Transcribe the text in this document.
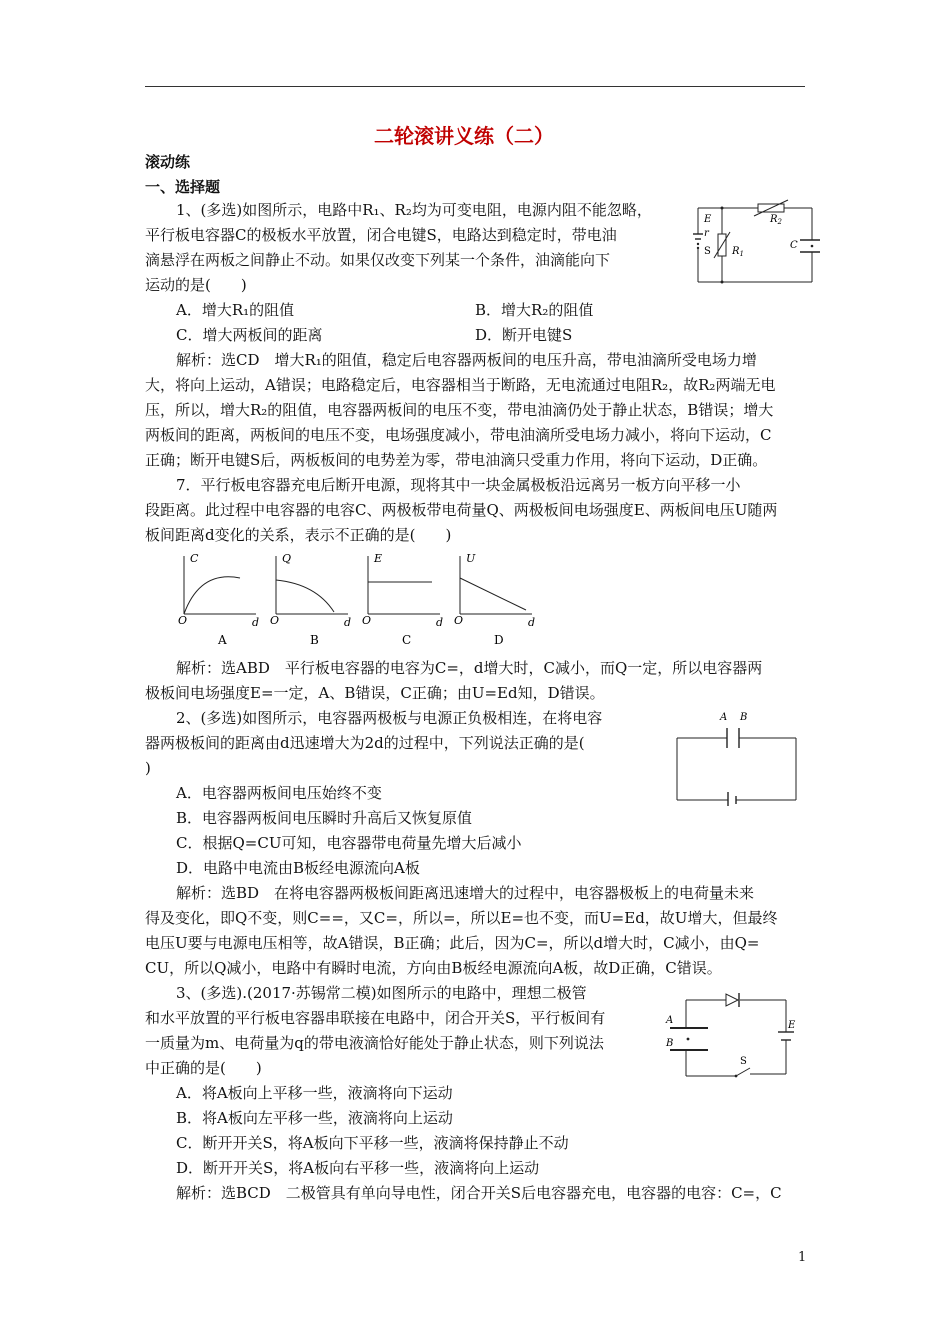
二轮滚讲义练（二）
滚动练
一、选择题
1、(多选)如图所示，电路中R₁、R₂均为可变电阻，电源内阻不能忽略，
平行板电容器C的极板水平放置，闭合电键S，电路达到稳定时，带电油
滴悬浮在两板之间静止不动。如果仅改变下列某一个条件，油滴能向下
运动的是(　　)
E
r
S $R_1$
$R_2$
C
A．增大R₁的阻值	B．增大R₂的阻值
C．增大两板间的距离	D．断开电键S
解析：选CD　增大R₁的阻值，稳定后电容器两板间的电压升高，带电油滴所受电场力增
大，将向上运动，A错误；电路稳定后，电容器相当于断路，无电流通过电阻R₂，故R₂两端无电
压，所以，增大R₂的阻值，电容器两板间的电压不变，带电油滴仍处于静止状态，B错误；增大
两板间的距离，两板间的电压不变，电场强度减小，带电油滴所受电场力减小，将向下运动，C
正确；断开电键S后，两板板间的电势差为零，带电油滴只受重力作用，将向下运动，D正确。
7．平行板电容器充电后断开电源，现将其中一块金属极板沿远离另一板方向平移一小
段距离。此过程中电容器的电容C、两极板带电荷量Q、两极板间电场强度E、两板间电压U随两
板间距离d变化的关系，表示不正确的是(　　)
C
O	d
A
Q
O	d
B
E
O	d
C
U
O	d
D
解析：选ABD　平行板电容器的电容为C=，d增大时，C减小，而Q一定，所以电容器两
极板间电场强度E=一定，A、B错误，C正确；由U=Ed知，D错误。
2、(多选)如图所示，电容器两极板与电源正负极相连，在将电容
器两极板间的距离由d迅速增大为2d的过程中，下列说法正确的是(
)
A B
A．电容器两板间电压始终不变
B．电容器两板间电压瞬时升高后又恢复原值
C．根据Q=CU可知，电容器带电荷量先增大后减小
D．电路中电流由B板经电源流向A板
解析：选BD　在将电容器两极板间距离迅速增大的过程中，电容器极板上的电荷量未来
得及变化，即Q不变，则C==，又C=，所以=，所以E=也不变，而U=Ed，故U增大，但最终
电压U要与电源电压相等，故A错误，B正确；此后，因为C=，所以d增大时，C减小，由Q=
CU，所以Q减小，电路中有瞬时电流，方向由B板经电源流向A板，故D正确，C错误。
3、(多选).(2017·苏锡常二模)如图所示的电路中，理想二极管
和水平放置的平行板电容器串联接在电路中，闭合开关S，平行板间有
一质量为m、电荷量为q的带电液滴恰好能处于静止状态，则下列说法
中正确的是(　　)
A
B
E
S
A．将A板向上平移一些，液滴将向下运动
B．将A板向左平移一些，液滴将向上运动
C．断开开关S，将A板向下平移一些，液滴将保持静止不动
D．断开开关S，将A板向右平移一些，液滴将向上运动
解析：选BCD　二极管具有单向导电性，闭合开关S后电容器充电，电容器的电容：C=，C
1
